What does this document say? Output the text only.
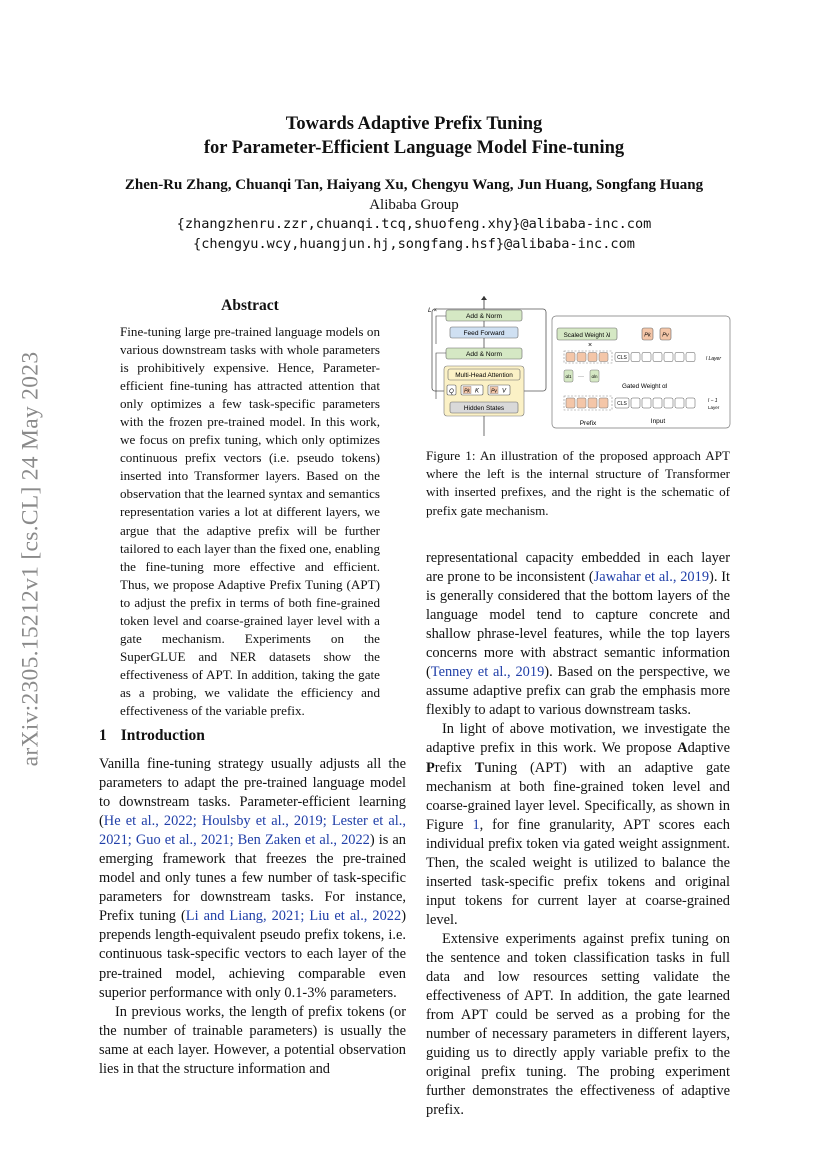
Towards Adaptive Prefix Tuning
for Parameter-Efficient Language Model Fine-tuning
Zhen-Ru Zhang, Chuanqi Tan, Haiyang Xu, Chengyu Wang, Jun Huang, Songfang Huang
Alibaba Group
{zhangzhenru.zzr,chuanqi.tcq,shuofeng.xhy}@alibaba-inc.com
{chengyu.wcy,huangjun.hj,songfang.hsf}@alibaba-inc.com
arXiv:2305.15212v1 [cs.CL] 24 May 2023
Abstract
Fine-tuning large pre-trained language models on various downstream tasks with whole parameters is prohibitively expensive. Hence, Parameter-efficient fine-tuning has attracted attention that only optimizes a few task-specific parameters with the frozen pre-trained model. In this work, we focus on prefix tuning, which only optimizes continuous prefix vectors (i.e. pseudo tokens) inserted into Transformer layers. Based on the observation that the learned syntax and semantics representation varies a lot at different layers, we argue that the adaptive prefix will be further tailored to each layer than the fixed one, enabling the fine-tuning more effective and efficient. Thus, we propose Adaptive Prefix Tuning (APT) to adjust the prefix in terms of both fine-grained token level and coarse-grained layer level with a gate mechanism. Experiments on the SuperGLUE and NER datasets show the effectiveness of APT. In addition, taking the gate as a probing, we validate the efficiency and effectiveness of the variable prefix.
1 Introduction

Vanilla fine-tuning strategy usually adjusts all the parameters to adapt the pre-trained language model to downstream tasks. Parameter-efficient learning (He et al., 2022; Houlsby et al., 2019; Lester et al., 2021; Guo et al., 2021; Ben Zaken et al., 2022) is an emerging framework that freezes the pre-trained model and only tunes a few number of task-specific parameters for downstream tasks. For instance, Prefix tuning (Li and Liang, 2021; Liu et al., 2022) prepends length-equivalent pseudo prefix tokens, i.e. continuous task-specific vectors to each layer of the pre-trained model, achieving comparable even superior performance with only 0.1-3% parameters.

In previous works, the length of prefix tokens (or the number of trainable parameters) is usually the same at each layer. However, a potential observation lies in that the structure information and

L ×
Add & Norm
Feed Forward
Add & Norm
Multi-Head Attention
Q Pk K Pv V
Hidden States
Scaled Weight λl	Pk Pv
×
CLS	l Layer
αl1 ··· αln
Gated Weight αl
CLS	l − 1
Layer
Prefix	Input
Figure 1: An illustration of the proposed approach APT where the left is the internal structure of Transformer with inserted prefixes, and the right is the schematic of prefix gate mechanism.

representational capacity embedded in each layer are prone to be inconsistent (Jawahar et al., 2019). It is generally considered that the bottom layers of the language model tend to capture concrete and shallow phrase-level features, while the top layers concerns more with abstract semantic information (Tenney et al., 2019). Based on the perspective, we assume adaptive prefix can grab the emphasis more flexibly to adapt to various downstream tasks.

In light of above motivation, we investigate the adaptive prefix in this work. We propose Adaptive Prefix Tuning (APT) with an adaptive gate mechanism at both fine-grained token level and coarse-grained layer level. Specifically, as shown in Figure 1, for fine granularity, APT scores each individual prefix token via gated weight assignment. Then, the scaled weight is utilized to balance the inserted task-specific prefix tokens and original input tokens for current layer at coarse-grained level.

Extensive experiments against prefix tuning on the sentence and token classification tasks in full data and low resources setting validate the effectiveness of APT. In addition, the gate learned from APT could be served as a probing for the number of necessary parameters in different layers, guiding us to directly apply variable prefix to the original prefix tuning. The probing experiment further demonstrates the effectiveness of adaptive prefix.
